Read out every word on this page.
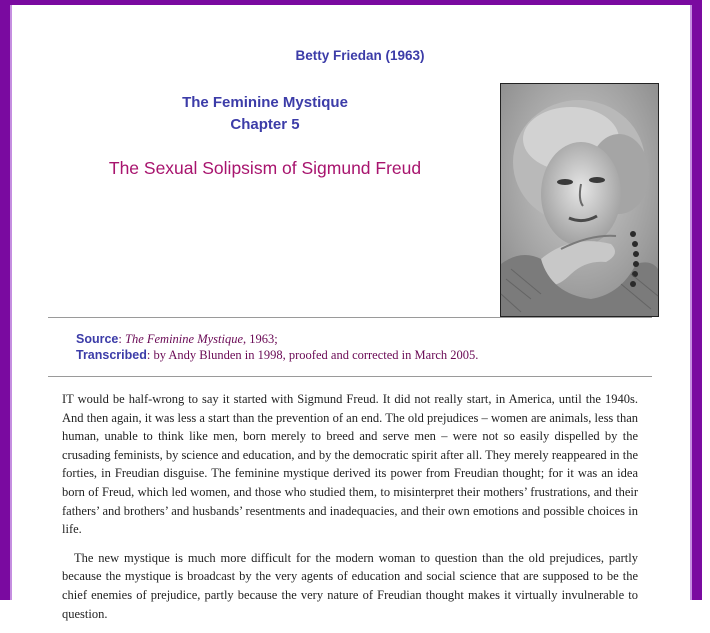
Betty Friedan (1963)
The Feminine Mystique
Chapter 5
The Sexual Solipsism of Sigmund Freud
Source: The Feminine Mystique, 1963;
Transcribed: by Andy Blunden in 1998, proofed and corrected in March 2005.

IT would be half-wrong to say it started with Sigmund Freud. It did not really start, in America, until the 1940s. And then again, it was less a start than the prevention of an end. The old prejudices – women are animals, less than human, unable to think like men, born merely to breed and serve men – were not so easily dispelled by the crusading feminists, by science and education, and by the democratic spirit after all. They merely reappeared in the forties, in Freudian disguise. The feminine mystique derived its power from Freudian thought; for it was an idea born of Freud, which led women, and those who studied them, to misinterpret their mothers’ frustrations, and their fathers’ and brothers’ and husbands’ resentments and inadequacies, and their own emotions and possible choices in life.

The new mystique is much more difficult for the modern woman to question than the old prejudices, partly because the mystique is broadcast by the very agents of education and social science that are supposed to be the chief enemies of prejudice, partly because the very nature of Freudian thought makes it virtually invulnerable to question.
